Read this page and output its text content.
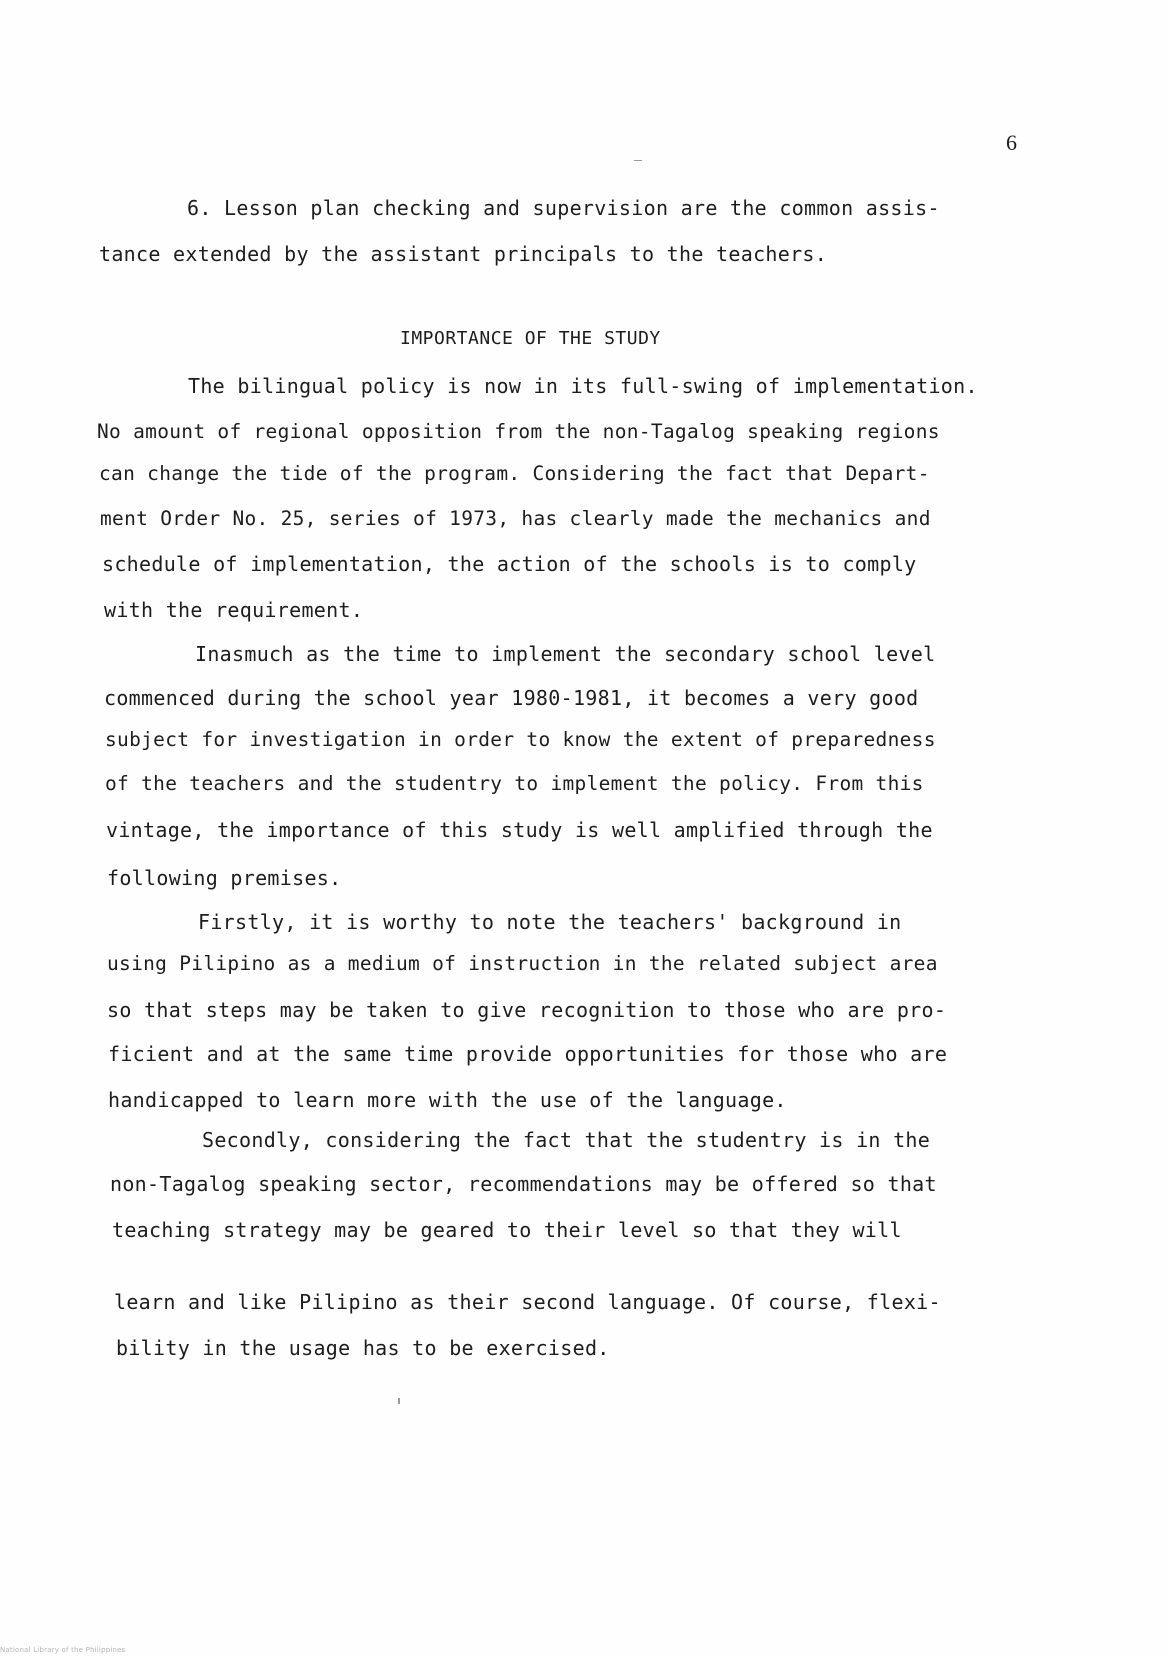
6
6. Lesson plan checking and supervision are the common assis-
tance extended by the assistant principals to the teachers.
IMPORTANCE OF THE STUDY
The bilingual policy is now in its full-swing of implementation.
No amount of regional opposition from the non-Tagalog speaking regions
can change the tide of the program. Considering the fact that Depart-
ment Order No. 25, series of 1973, has clearly made the mechanics and
schedule of implementation, the action of the schools is to comply
with the requirement.
Inasmuch as the time to implement the secondary school level
commenced during the school year 1980-1981, it becomes a very good
subject for investigation in order to know the extent of preparedness
of the teachers and the studentry to implement the policy. From this
vintage, the importance of this study is well amplified through the
following premises.
Firstly, it is worthy to note the teachers' background in
using Pilipino as a medium of instruction in the related subject area
so that steps may be taken to give recognition to those who are pro-
ficient and at the same time provide opportunities for those who are
handicapped to learn more with the use of the language.
Secondly, considering the fact that the studentry is in the
non-Tagalog speaking sector, recommendations may be offered so that
teaching strategy may be geared to their level so that they will
learn and like Pilipino as their second language. Of course, flexi-
bility in the usage has to be exercised.
National Library of the Philippines
